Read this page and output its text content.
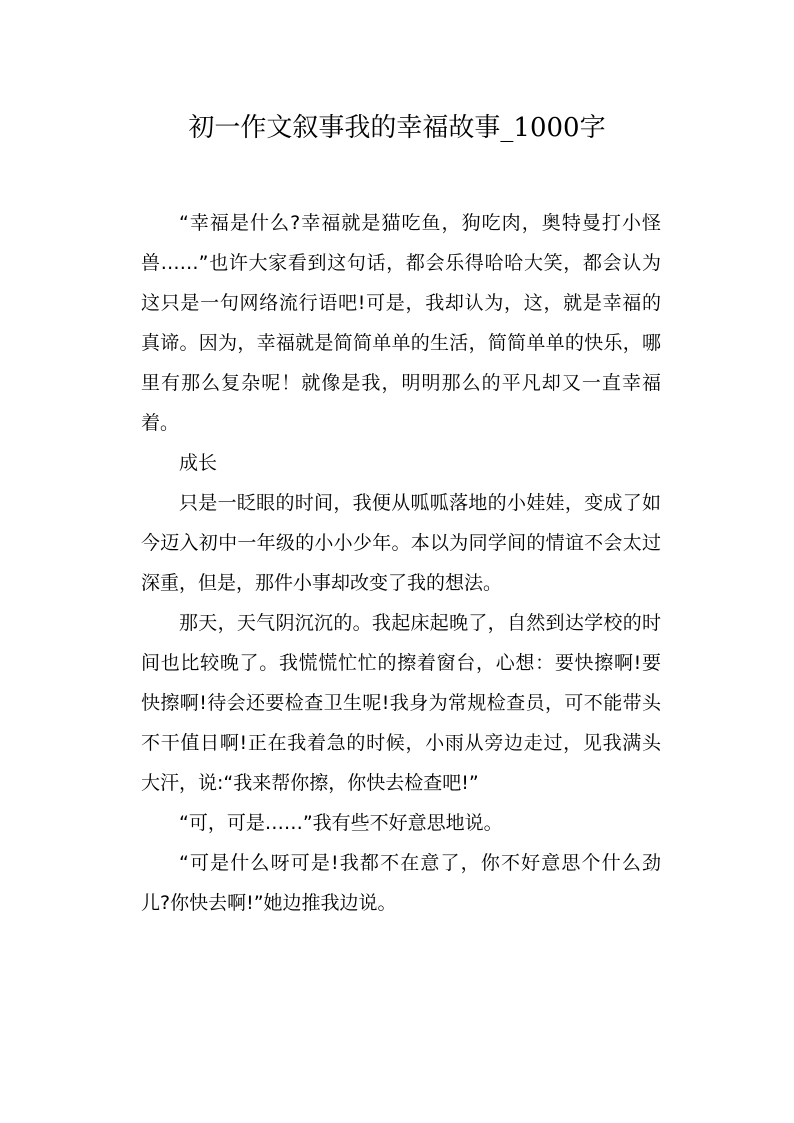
初一作文叙事我的幸福故事_1000字

“幸福是什么?幸福就是猫吃鱼，狗吃肉，奥特曼打小怪兽……”也许大家看到这句话，都会乐得哈哈大笑，都会认为这只是一句网络流行语吧!可是，我却认为，这，就是幸福的真谛。因为，幸福就是简简单单的生活，简简单单的快乐，哪里有那么复杂呢！就像是我，明明那么的平凡却又一直幸福着。

成长

只是一眨眼的时间，我便从呱呱落地的小娃娃，变成了如今迈入初中一年级的小小少年。本以为同学间的情谊不会太过深重，但是，那件小事却改变了我的想法。

那天，天气阴沉沉的。我起床起晚了，自然到达学校的时间也比较晚了。我慌慌忙忙的擦着窗台，心想：要快擦啊!要快擦啊!待会还要检查卫生呢!我身为常规检查员，可不能带头不干值日啊!正在我着急的时候，小雨从旁边走过，见我满头大汗，说:“我来帮你擦，你快去检查吧!”

“可，可是……”我有些不好意思地说。

“可是什么呀可是!我都不在意了，你不好意思个什么劲儿?你快去啊!”她边推我边说。
